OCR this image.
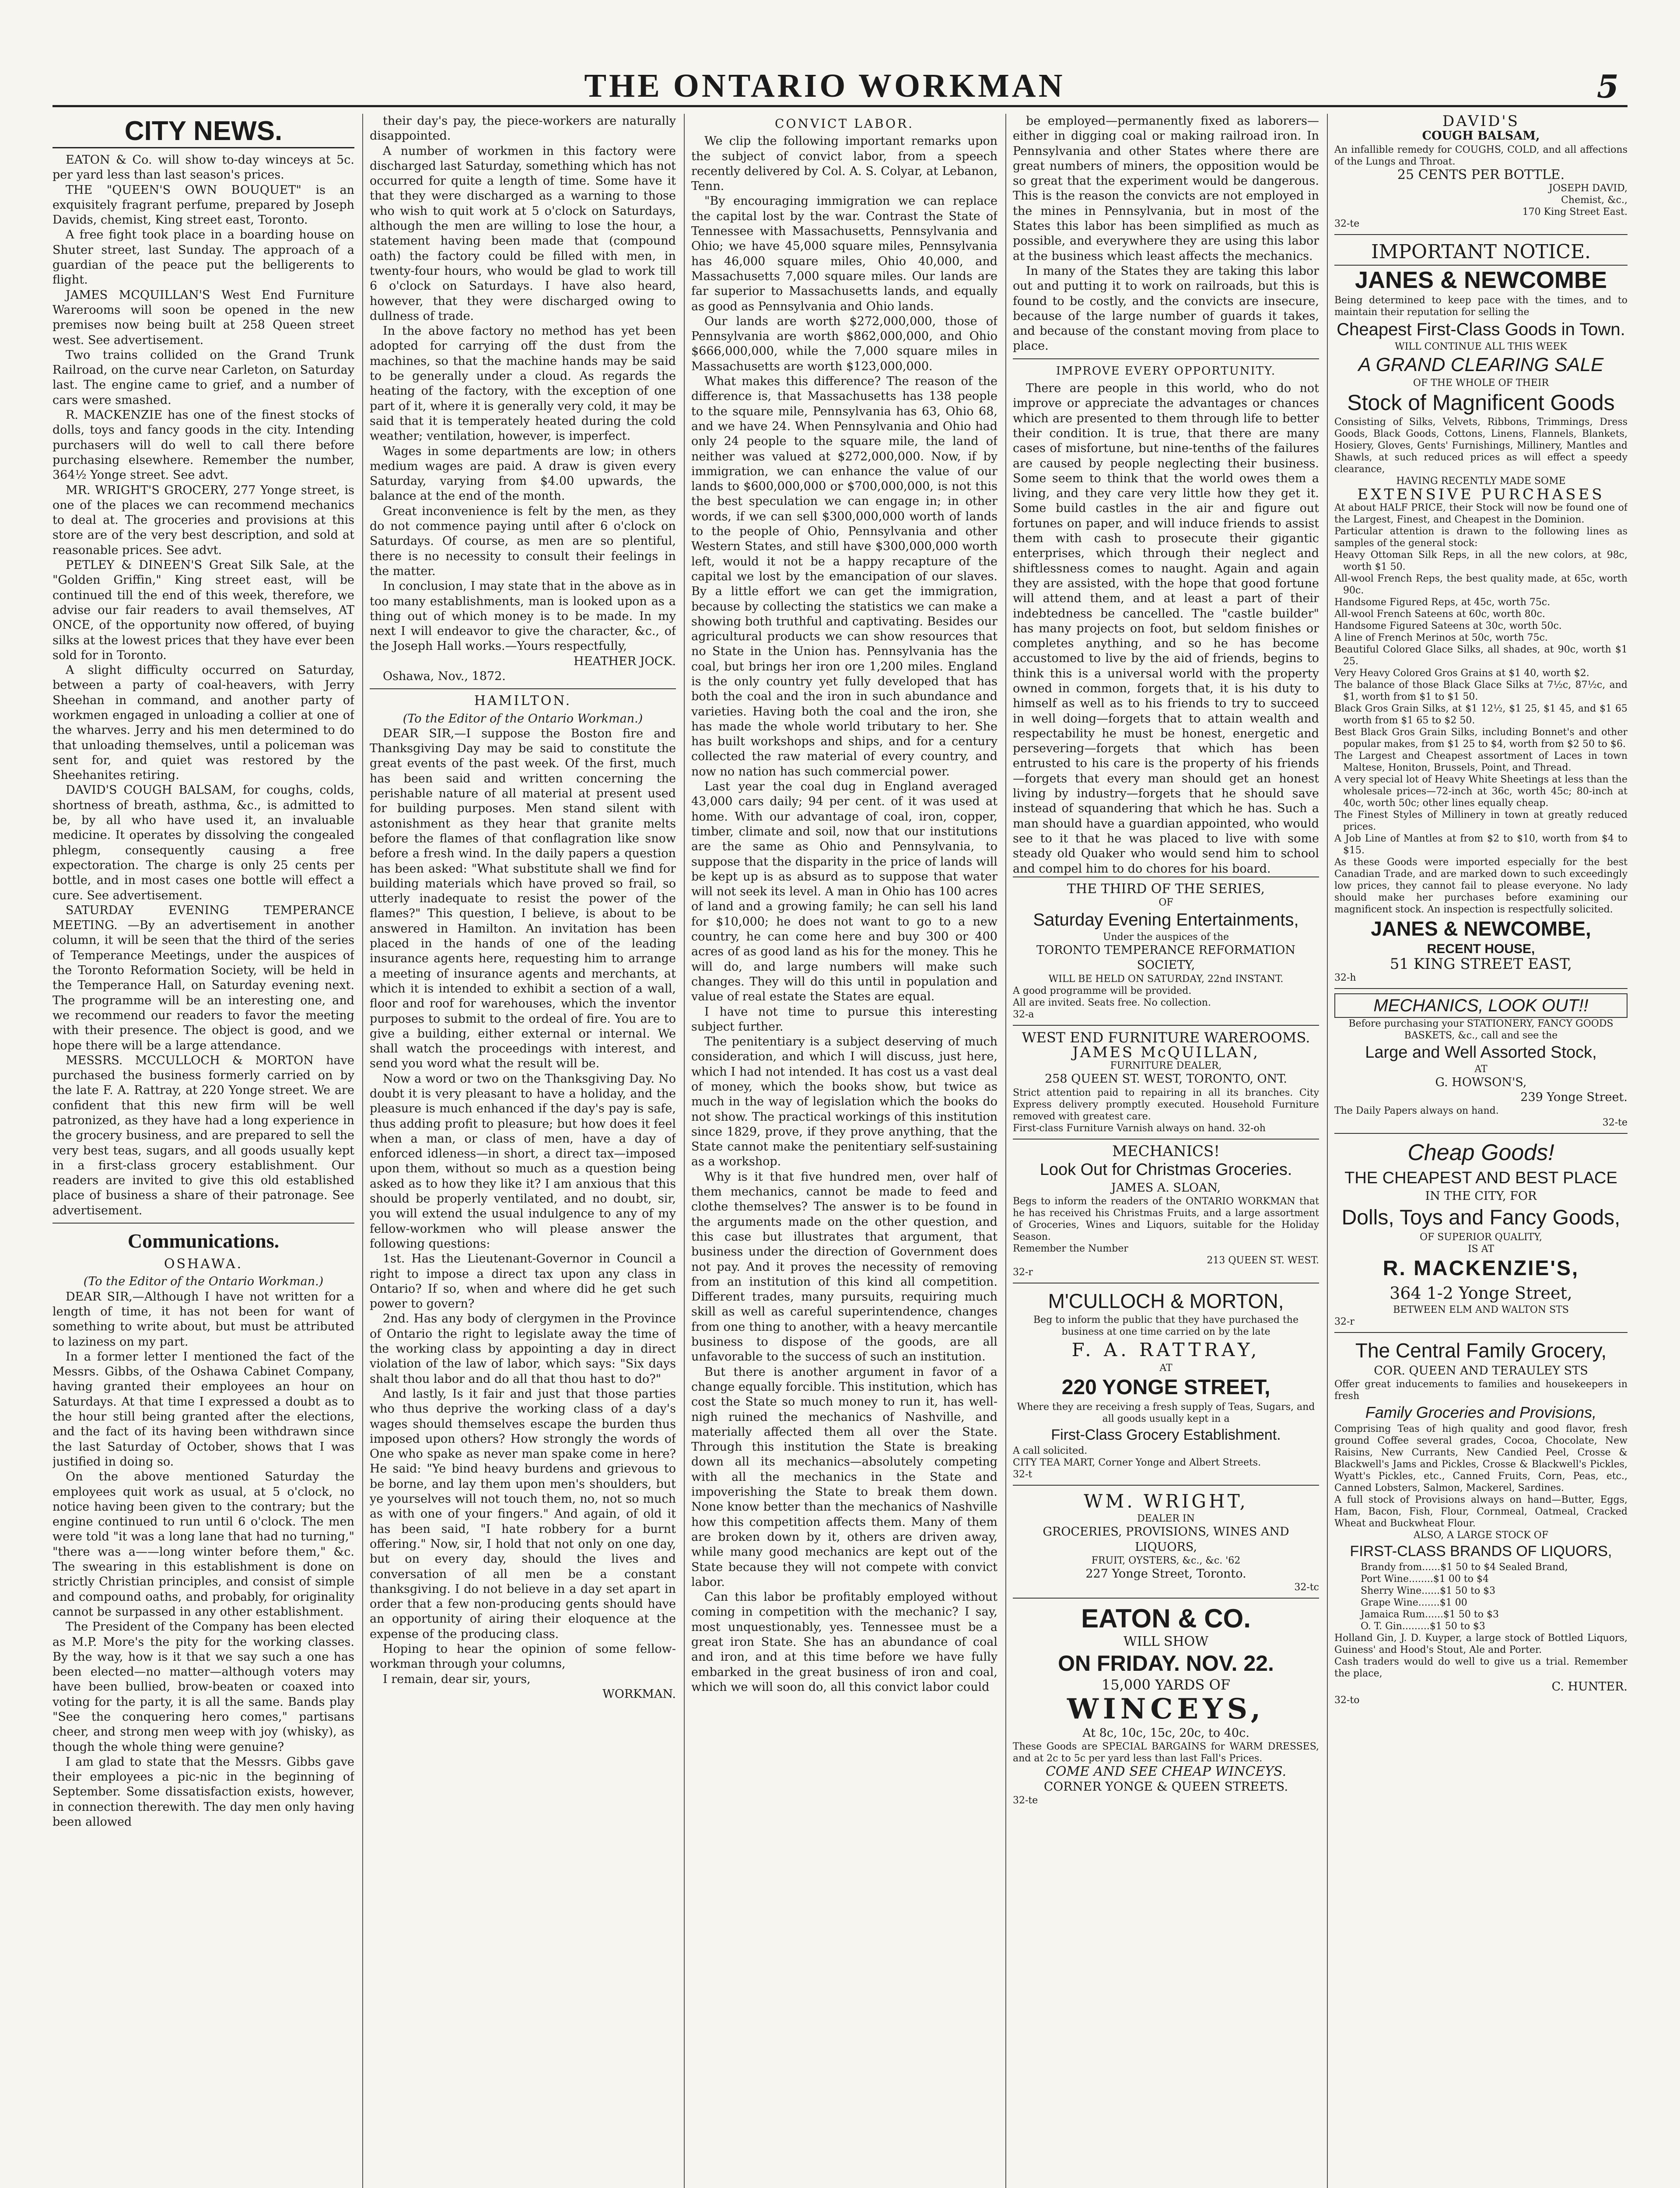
THE ONTARIO WORKMAN	5
CITY NEWS.

EATON & Co. will show to-day winceys at 5c. per yard less than last season's prices.

THE "QUEEN'S OWN BOUQUET" is an exquisitely fragrant perfume, prepared by Joseph Davids, chemist, King street east, Toronto.

A free fight took place in a boarding house on Shuter street, last Sunday. The approach of a guardian of the peace put the belligerents to flight.

JAMES MCQUILLAN'S West End Furniture Warerooms will soon be opened in the new premises now being built at 258 Queen street west. See advertisement.

Two trains collided on the Grand Trunk Railroad, on the curve near Carleton, on Saturday last. The engine came to grief, and a number of cars were smashed.

R. MACKENZIE has one of the finest stocks of dolls, toys and fancy goods in the city. Intending purchasers will do well to call there before purchasing elsewhere. Remember the number, 364½ Yonge street. See advt.

MR. WRIGHT'S GROCERY, 277 Yonge street, is one of the places we can recommend mechanics to deal at. The groceries and provisions at this store are of the very best description, and sold at reasonable prices. See advt.

PETLEY & DINEEN'S Great Silk Sale, at the "Golden Griffin," King street east, will be continued till the end of this week, therefore, we advise our fair readers to avail themselves, AT ONCE, of the opportunity now offered, of buying silks at the lowest prices that they have ever been sold for in Toronto.

A slight difficulty occurred on Saturday, between a party of coal-heavers, with Jerry Sheehan in command, and another party of workmen engaged in unloading a collier at one of the wharves. Jerry and his men determined to do that unloading themselves, until a policeman was sent for, and quiet was restored by the Sheehanites retiring.

DAVID'S COUGH BALSAM, for coughs, colds, shortness of breath, asthma, &c., is admitted to be, by all who have used it, an invaluable medicine. It operates by dissolving the congealed phlegm, consequently causing a free expectoration. The charge is only 25 cents per bottle, and in most cases one bottle will effect a cure. See advertisement.

SATURDAY EVENING TEMPERANCE MEETING. —By an advertisement in another column, it will be seen that the third of the series of Temperance Meetings, under the auspices of the Toronto Reformation Society, will be held in the Temperance Hall, on Saturday evening next. The programme will be an interesting one, and we recommend our readers to favor the meeting with their presence. The object is good, and we hope there will be a large attendance.

MESSRS. MCCULLOCH & MORTON have purchased the business formerly carried on by the late F. A. Rattray, at 220 Yonge street. We are confident that this new firm will be well patronized, as they have had a long experience in the grocery business, and are prepared to sell the very best teas, sugars, and all goods usually kept in a first-class grocery establishment. Our readers are invited to give this old established place of business a share of their patronage. See advertisement.

Communications.
OSHAWA.

(To the Editor of the Ontario Workman.)

DEAR SIR,—Although I have not written for a length of time, it has not been for want of something to write about, but must be attributed to laziness on my part.

In a former letter I mentioned the fact of the Messrs. Gibbs, of the Oshawa Cabinet Company, having granted their employees an hour on Saturdays. At that time I expressed a doubt as to the hour still being granted after the elections, and the fact of its having been withdrawn since the last Saturday of October, shows that I was justified in doing so.

On the above mentioned Saturday the employees quit work as usual, at 5 o'clock, no notice having been given to the contrary; but the engine continued to run until 6 o'clock. The men were told "it was a long lane that had no turning," "there was a——long winter before them," &c. The swearing in this establishment is done on strictly Christian principles, and consist of simple and compound oaths, and probably, for originality cannot be surpassed in any other establishment.

The President of the Company has been elected as M.P. More's the pity for the working classes. By the way, how is it that we say such a one has been elected—no matter—although voters may have been bullied, brow-beaten or coaxed into voting for the party, it is all the same. Bands play "See the conquering hero comes," partisans cheer, and strong men weep with joy (whisky), as though the whole thing were genuine?

I am glad to state that the Messrs. Gibbs gave their employees a pic-nic in the beginning of September. Some dissatisfaction exists, however, in connection therewith. The day men only having been allowed

their day's pay, the piece-workers are naturally disappointed.

A number of workmen in this factory were discharged last Saturday, something which has not occurred for quite a length of time. Some have it that they were discharged as a warning to those who wish to quit work at 5 o'clock on Saturdays, although the men are willing to lose the hour, a statement having been made that (compound oath) the factory could be filled with men, in twenty-four hours, who would be glad to work till 6 o'clock on Saturdays. I have also heard, however, that they were discharged owing to dullness of trade.

In the above factory no method has yet been adopted for carrying off the dust from the machines, so that the machine hands may be said to be generally under a cloud. As regards the heating of the factory, with the exception of one part of it, where it is generally very cold, it may be said that it is temperately heated during the cold weather; ventilation, however, is imperfect.

Wages in some departments are low; in others medium wages are paid. A draw is given every Saturday, varying from $4.00 upwards, the balance at the end of the month.

Great inconvenience is felt by the men, as they do not commence paying until after 6 o'clock on Saturdays. Of course, as men are so plentiful, there is no necessity to consult their feelings in the matter.

In conclusion, I may state that in the above as in too many establishments, man is looked upon as a thing out of which money is to be made. In my next I will endeavor to give the character, &c., of the Joseph Hall works.—Yours respectfully,

HEATHER JOCK.

Oshawa, Nov., 1872.

HAMILTON.

(To the Editor of the Ontario Workman.)

DEAR SIR,—I suppose the Boston fire and Thanksgiving Day may be said to constitute the great events of the past week. Of the first, much has been said and written concerning the perishable nature of all material at present used for building purposes. Men stand silent with astonishment as they hear that granite melts before the flames of that conflagration like snow before a fresh wind. In the daily papers a question has been asked: "What substitute shall we find for building materials which have proved so frail, so utterly inadequate to resist the power of the flames?" This question, I believe, is about to be answered in Hamilton. An invitation has been placed in the hands of one of the leading insurance agents here, requesting him to arrange a meeting of insurance agents and merchants, at which it is intended to exhibit a section of a wall, floor and roof for warehouses, which the inventor purposes to submit to the ordeal of fire. You are to give a building, either external or internal. We shall watch the proceedings with interest, and send you word what the result will be.

Now a word or two on the Thanksgiving Day. No doubt it is very pleasant to have a holiday, and the pleasure is much enhanced if the day's pay is safe, thus adding profit to pleasure; but how does it feel when a man, or class of men, have a day of enforced idleness—in short, a direct tax—imposed upon them, without so much as a question being asked as to how they like it? I am anxious that this should be properly ventilated, and no doubt, sir, you will extend the usual indulgence to any of my fellow-workmen who will please answer the following questions:

1st. Has the Lieutenant-Governor in Council a right to impose a direct tax upon any class in Ontario? If so, when and where did he get such power to govern?

2nd. Has any body of clergymen in the Province of Ontario the right to legislate away the time of the working class by appointing a day in direct violation of the law of labor, which says: "Six days shalt thou labor and do all that thou hast to do?"

And lastly, Is it fair and just that those parties who thus deprive the working class of a day's wages should themselves escape the burden thus imposed upon others? How strongly the words of One who spake as never man spake come in here? He said: "Ye bind heavy burdens and grievous to be borne, and lay them upon men's shoulders, but ye yourselves will not touch them, no, not so much as with one of your fingers." And again, of old it has been said, "I hate robbery for a burnt offering." Now, sir, I hold that not only on one day, but on every day, should the lives and conversation of all men be a constant thanksgiving. I do not believe in a day set apart in order that a few non-producing gents should have an opportunity of airing their eloquence at the expense of the producing class.

Hoping to hear the opinion of some fellow-workman through your columns,

I remain, dear sir, yours,

WORKMAN.

CONVICT LABOR.

We clip the following important remarks upon the subject of convict labor, from a speech recently delivered by Col. A. S. Colyar, at Lebanon, Tenn.

"By encouraging immigration we can replace the capital lost by the war. Contrast the State of Tennessee with Massachusetts, Pennsylvania and Ohio; we have 45,000 square miles, Pennsylvania has 46,000 square miles, Ohio 40,000, and Massachusetts 7,000 square miles. Our lands are far superior to Massachusetts lands, and equally as good as Pennsylvania and Ohio lands.

Our lands are worth $272,000,000, those of Pennsylvania are worth $862,000,000, and Ohio $666,000,000, while the 7,000 square miles in Massachusetts are worth $123,000,000.

What makes this difference? The reason of the difference is, that Massachusetts has 138 people to the square mile, Pennsylvania has 63, Ohio 68, and we have 24. When Pennsylvania and Ohio had only 24 people to the square mile, the land of neither was valued at $272,000,000. Now, if by immigration, we can enhance the value of our lands to $600,000,000 or $700,000,000, is not this the best speculation we can engage in; in other words, if we can sell $300,000,000 worth of lands to the people of Ohio, Pennsylvania and other Western States, and still have $300,000,000 worth left, would it not be a happy recapture of the capital we lost by the emancipation of our slaves. By a little effort we can get the immigration, because by collecting the statistics we can make a showing both truthful and captivating. Besides our agricultural products we can show resources that no State in the Union has. Pennsylvania has the coal, but brings her iron ore 1,200 miles. England is the only country yet fully developed that has both the coal and the iron in such abundance and varieties. Having both the coal and the iron, she has made the whole world tributary to her. She has built workshops and ships, and for a century collected the raw material of every country, and now no nation has such commercial power.

Last year the coal dug in England averaged 43,000 cars daily; 94 per cent. of it was used at home. With our advantage of coal, iron, copper, timber, climate and soil, now that our institutions are the same as Ohio and Pennsylvania, to suppose that the disparity in the price of lands will be kept up is as absurd as to suppose that water will not seek its level. A man in Ohio has 100 acres of land and a growing family; he can sell his land for $10,000; he does not want to go to a new country, he can come here and buy 300 or 400 acres of as good land as his for the money. This he will do, and large numbers will make such changes. They will do this until in population and value of real estate the States are equal.

I have not time to pursue this interesting subject further.

The penitentiary is a subject deserving of much consideration, and which I will discuss, just here, which I had not intended. It has cost us a vast deal of money, which the books show, but twice as much in the way of legislation which the books do not show. The practical workings of this institution since 1829, prove, if they prove anything, that the State cannot make the penitentiary self-sustaining as a workshop.

Why is it that five hundred men, over half of them mechanics, cannot be made to feed and clothe themselves? The answer is to be found in the arguments made on the other question, and this case but illustrates that argument, that business under the direction of Government does not pay. And it proves the necessity of removing from an institution of this kind all competition. Different trades, many pursuits, requiring much skill as well as careful superintendence, changes from one thing to another, with a heavy mercantile business to dispose of the goods, are all unfavorable to the success of such an institution.

But there is another argument in favor of a change equally forcible. This institution, which has cost the State so much money to run it, has well-nigh ruined the mechanics of Nashville, and materially affected them all over the State. Through this institution the State is breaking down all its mechanics—absolutely competing with all the mechanics in the State and impoverishing the State to break them down. None know better than the mechanics of Nashville how this competition affects them. Many of them are broken down by it, others are driven away, while many good mechanics are kept out of the State because they will not compete with convict labor.

Can this labor be profitably employed without coming in competition with the mechanic? I say, most unquestionably, yes. Tennessee must be a great iron State. She has an abundance of coal and iron, and at this time before we have fully embarked in the great business of iron and coal, which we will soon do, all this convict labor could

be employed—permanently fixed as laborers—either in digging coal or making railroad iron. In Pennsylvania and other States where there are great numbers of miners, the opposition would be so great that the experiment would be dangerous. This is the reason the convicts are not employed in the mines in Pennsylvania, but in most of the States this labor has been simplified as much as possible, and everywhere they are using this labor at the business which least affects the mechanics.

In many of the States they are taking this labor out and putting it to work on railroads, but this is found to be costly, and the convicts are insecure, because of the large number of guards it takes, and because of the constant moving from place to place.

IMPROVE EVERY OPPORTUNITY.

There are people in this world, who do not improve or appreciate the advantages or chances which are presented to them through life to better their condition. It is true, that there are many cases of misfortune, but nine-tenths of the failures are caused by people neglecting their business. Some seem to think that the world owes them a living, and they care very little how they get it. Some build castles in the air and figure out fortunes on paper, and will induce friends to assist them with cash to prosecute their gigantic enterprises, which through their neglect and shiftlessness comes to naught. Again and again they are assisted, with the hope that good fortune will attend them, and at least a part of their indebtedness be cancelled. The "castle builder" has many projects on foot, but seldom finishes or completes anything, and so he has become accustomed to live by the aid of friends, begins to think this is a universal world with the property owned in common, forgets that, it is his duty to himself as well as to his friends to try to succeed in well doing—forgets that to attain wealth and respectability he must be honest, energetic and persevering—forgets that which has been entrusted to his care is the property of his friends—forgets that every man should get an honest living by industry—forgets that he should save instead of squandering that which he has. Such a man should have a guardian appointed, who would see to it that he was placed to live with some steady old Quaker who would send him to school and compel him to do chores for his board.

THE THIRD OF THE SERIES,

OF

Saturday Evening Entertainments,

Under the auspices of the

TORONTO TEMPERANCE REFORMATION SOCIETY,

WILL BE HELD ON SATURDAY, 22nd INSTANT.

A good programme will be provided.

All are invited. Seats free. No collection.

32-a

WEST END FURNITURE WAREROOMS.

JAMES McQUILLAN,

FURNITURE DEALER,

258 QUEEN ST. WEST, TORONTO, ONT.

Strict attention paid to repairing in all its branches. City Express delivery promptly executed. Household Furniture removed with greatest care.

First-class Furniture Varnish always on hand. 32-oh

MECHANICS!

Look Out for Christmas Groceries.

JAMES A. SLOAN,

Begs to inform the readers of the ONTARIO WORKMAN that he has received his Christmas Fruits, and a large assortment of Groceries, Wines and Liquors, suitable for the Holiday Season.

Remember the Number

213 QUEEN ST. WEST.

32-r

M'CULLOCH & MORTON,

Beg to inform the public that they have purchased the business at one time carried on by the late

F. A. RATTRAY,

AT

220 YONGE STREET,

Where they are receiving a fresh supply of Teas, Sugars, and all goods usually kept in a

First-Class Grocery Establishment.

A call solicited.

CITY TEA MART, Corner Yonge and Albert Streets.

32-t

WM. WRIGHT,

DEALER IN

GROCERIES, PROVISIONS, WINES AND LIQUORS,

FRUIT, OYSTERS, &c., &c. '62

227 Yonge Street, Toronto.

32-tc

EATON & CO.

WILL SHOW

ON FRIDAY. NOV. 22.

15,000 YARDS OF

WINCEYS,

At 8c, 10c, 15c, 20c, to 40c.

These Goods are SPECIAL BARGAINS for WARM DRESSES, and at 2c to 5c per yard less than last Fall's Prices.

COME AND SEE CHEAP WINCEYS.

CORNER YONGE & QUEEN STREETS.

32-te

DAVID'S

COUGH BALSAM,

An infallible remedy for COUGHS, COLD, and all affections of the Lungs and Throat.

25 CENTS PER BOTTLE.

JOSEPH DAVID,

Chemist, &c.,

170 King Street East.

32-te

IMPORTANT NOTICE.

JANES & NEWCOMBE

Being determined to keep pace with the times, and to maintain their reputation for selling the

Cheapest First-Class Goods in Town.

WILL CONTINUE ALL THIS WEEK

A GRAND CLEARING SALE

OF THE WHOLE OF THEIR

Stock of Magnificent Goods

Consisting of Silks, Velvets, Ribbons, Trimmings, Dress Goods, Black Goods, Cottons, Linens, Flannels, Blankets, Hosiery, Gloves, Gents' Furnishings, Millinery, Mantles and Shawls, at such reduced prices as will effect a speedy clearance,

HAVING RECENTLY MADE SOME

EXTENSIVE PURCHASES

At about HALF PRICE, their Stock will now be found one of the Largest, Finest, and Cheapest in the Dominion.

Particular attention is drawn to the following lines as samples of the general stock:

Heavy Ottoman Silk Reps, in all the new colors, at 98c, worth $1 50.

All-wool French Reps, the best quality made, at 65c, worth 90c.

Handsome Figured Reps, at 45c, worth 75c.

All-wool French Sateens at 60c, worth 80c.

Handsome Figured Sateens at 30c, worth 50c.

A line of French Merinos at 50c, worth 75c.

Beautiful Colored Glace Silks, all shades, at 90c, worth $1 25.

Very Heavy Colored Gros Grains at $1 40, worth $2.

The balance of those Black Glace Silks at 7½c, 87½c, and $1, worth from $1 to $1 50.

Black Gros Grain Silks, at $1 12½, $1 25, $1 45, and $1 65 worth from $1 65 to $2 50.

Best Black Gros Grain Silks, including Bonnet's and other popular makes, from $1 25 to $4, worth from $2 50 to $6.

The Largest and Cheapest assortment of Laces in town Maltese, Honiton, Brussels, Point, and Thread.

A very special lot of Heavy White Sheetings at less than the wholesale prices—72-inch at 36c, worth 45c; 80-inch at 40c, worth 50c; other lines equally cheap.

The Finest Styles of Millinery in town at greatly reduced prices.

A Job Line of Mantles at from $2 to $10, worth from $4 to $15.

As these Goods were imported especially for the best Canadian Trade, and are marked down to such exceedingly low prices, they cannot fail to please everyone. No lady should make her purchases before examining our magnificent stock. An inspection is respectfully solicited.

JANES & NEWCOMBE,

RECENT HOUSE,

51 KING STREET EAST,

32-h

MECHANICS, LOOK OUT!!

Before purchasing your STATIONERY, FANCY GOODS BASKETS, &c., call and see the

Large and Well Assorted Stock,

AT

G. HOWSON'S,

239 Yonge Street.

The Daily Papers always on hand.

32-te

Cheap Goods!

THE CHEAPEST AND BEST PLACE

IN THE CITY, FOR

Dolls, Toys and Fancy Goods,

OF SUPERIOR QUALITY,

IS AT

R. MACKENZIE'S,

364 1-2 Yonge Street,

BETWEEN ELM AND WALTON STS

32-r

The Central Family Grocery,

COR. QUEEN AND TERAULEY STS

Offer great inducements to families and housekeepers in fresh

Family Groceries and Provisions,

Comprising Teas of high quality and good flavor, fresh ground Coffee several grades, Cocoa, Chocolate, New Raisins, New Currants, New Candied Peel, Crosse & Blackwell's Jams and Pickles, Crosse & Blackwell's Pickles, Wyatt's Pickles, etc., Canned Fruits, Corn, Peas, etc., Canned Lobsters, Salmon, Mackerel, Sardines.

A full stock of Provisions always on hand—Butter, Eggs, Ham, Bacon, Fish, Flour, Cornmeal, Oatmeal, Cracked Wheat and Buckwheat Flour.

ALSO, A LARGE STOCK OF

FIRST-CLASS BRANDS OF LIQUORS,

Brandy from......$1 50 to $4 Sealed Brand,

Port Wine........$1 00 to $4

Sherry Wine......$1 50 to $3

Grape Wine.......$1 00

Jamaica Rum......$1 50 to $3

O. T. Gin.........$1 50 to $3

Holland Gin, J. D. Kuyper, a large stock of Bottled Liquors, Guiness' and Hood's Stout, Ale and Porter.

Cash traders would do well to give us a trial. Remember the place,

C. HUNTER.

32-to
